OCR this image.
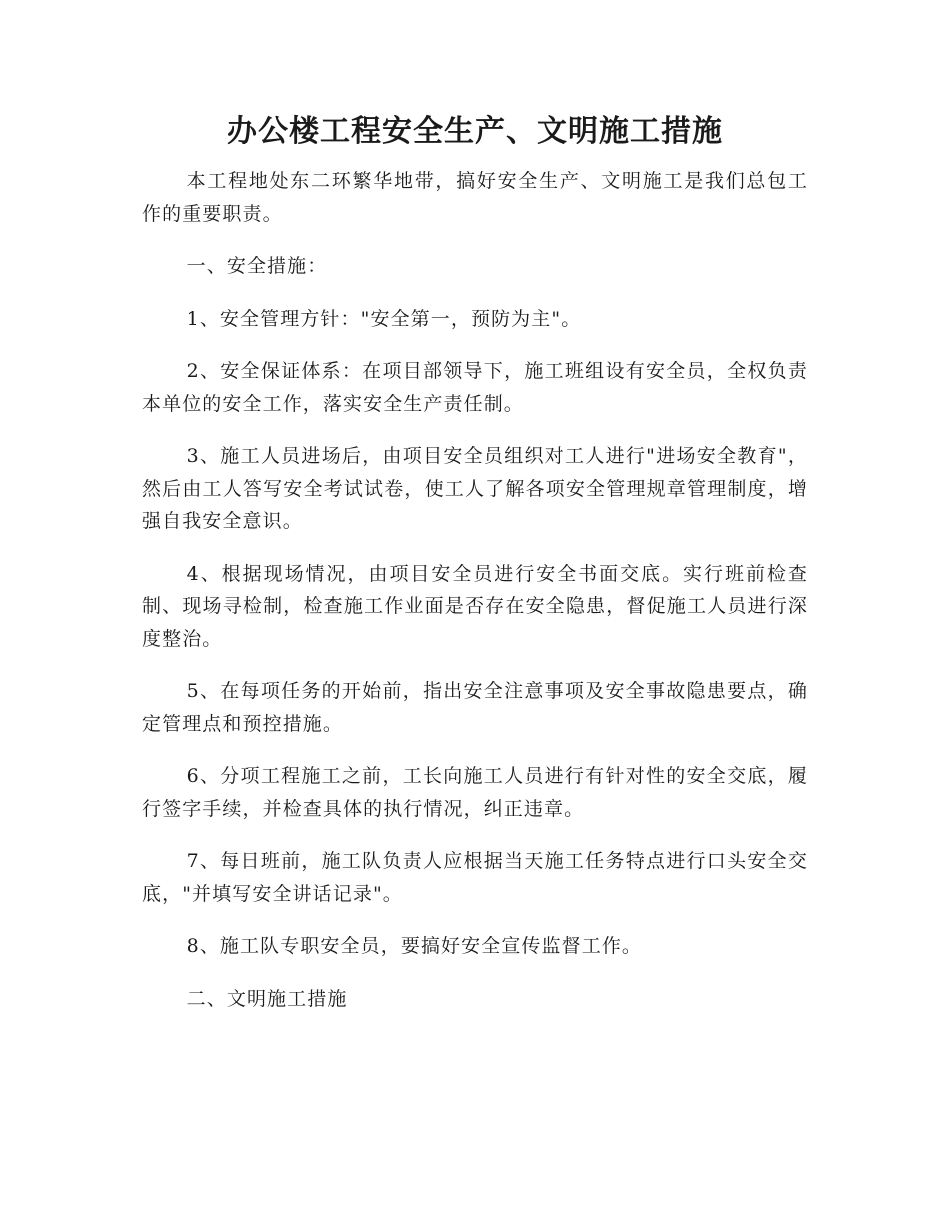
办公楼工程安全生产、文明施工措施

本工程地处东二环繁华地带，搞好安全生产、文明施工是我们总包工作的重要职责。

一、安全措施：

1、安全管理方针："安全第一，预防为主"。

2、安全保证体系：在项目部领导下，施工班组设有安全员，全权负责本单位的安全工作，落实安全生产责任制。

3、施工人员进场后，由项目安全员组织对工人进行"进场安全教育"，然后由工人答写安全考试试卷，使工人了解各项安全管理规章管理制度，增强自我安全意识。

4、根据现场情况，由项目安全员进行安全书面交底。实行班前检查制、现场寻检制，检查施工作业面是否存在安全隐患，督促施工人员进行深度整治。

5、在每项任务的开始前，指出安全注意事项及安全事故隐患要点，确定管理点和预控措施。

6、分项工程施工之前，工长向施工人员进行有针对性的安全交底，履行签字手续，并检查具体的执行情况，纠正违章。

7、每日班前，施工队负责人应根据当天施工任务特点进行口头安全交底，"并填写安全讲话记录"。

8、施工队专职安全员，要搞好安全宣传监督工作。

二、文明施工措施
